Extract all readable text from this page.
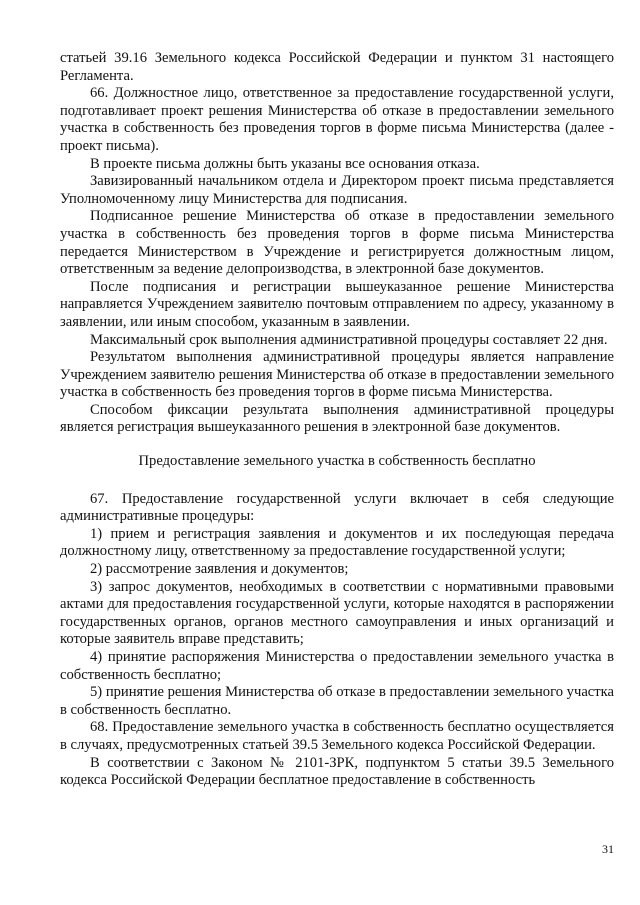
статьей 39.16 Земельного кодекса Российской Федерации и пунктом 31 настоящего Регламента.

66. Должностное лицо, ответственное за предоставление государственной услуги, подготавливает проект решения Министерства об отказе в предоставлении земельного участка в собственность без проведения торгов в форме письма Министерства (далее - проект письма).

В проекте письма должны быть указаны все основания отказа.

Завизированный начальником отдела и Директором проект письма представляется Уполномоченному лицу Министерства для подписания.

Подписанное решение Министерства об отказе в предоставлении земельного участка в собственность без проведения торгов в форме письма Министерства передается Министерством в Учреждение и регистрируется должностным лицом, ответственным за ведение делопроизводства, в электронной базе документов.

После подписания и регистрации вышеуказанное решение Министерства направляется Учреждением заявителю почтовым отправлением по адресу, указанному в заявлении, или иным способом, указанным в заявлении.

Максимальный срок выполнения административной процедуры составляет 22 дня.

Результатом выполнения административной процедуры является направление Учреждением заявителю решения Министерства об отказе в предоставлении земельного участка в собственность без проведения торгов в форме письма Министерства.

Способом фиксации результата выполнения административной процедуры является регистрация вышеуказанного решения в электронной базе документов.

Предоставление земельного участка в собственность бесплатно

67. Предоставление государственной услуги включает в себя следующие административные процедуры:

1) прием и регистрация заявления и документов и их последующая передача должностному лицу, ответственному за предоставление государственной услуги;

2) рассмотрение заявления и документов;

3) запрос документов, необходимых в соответствии с нормативными правовыми актами для предоставления государственной услуги, которые находятся в распоряжении государственных органов, органов местного самоуправления и иных организаций и которые заявитель вправе представить;

4) принятие распоряжения Министерства о предоставлении земельного участка в собственность бесплатно;

5) принятие решения Министерства об отказе в предоставлении земельного участка в собственность бесплатно.

68. Предоставление земельного участка в собственность бесплатно осуществляется в случаях, предусмотренных статьей 39.5 Земельного кодекса Российской Федерации.

В соответствии с Законом № 2101-ЗРК, подпунктом 5 статьи 39.5 Земельного кодекса Российской Федерации бесплатное предоставление в собственность

31
